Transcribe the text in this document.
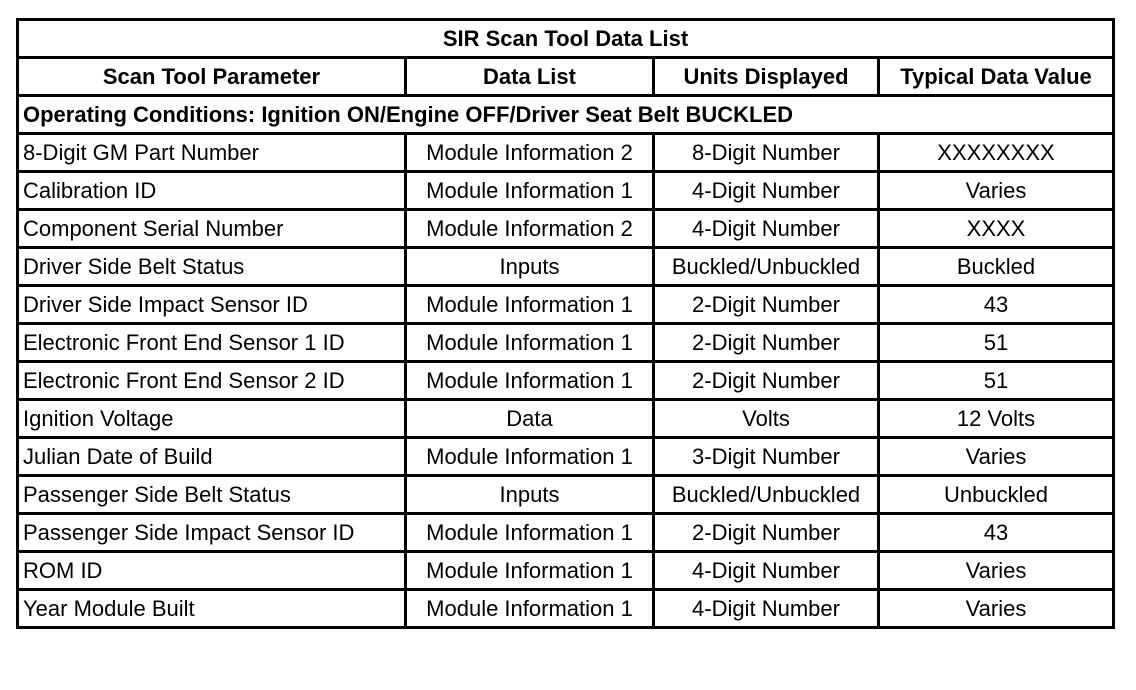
SIR Scan Tool Data List			
Scan Tool Parameter	Data List	Units Displayed	Typical Data Value
Operating Conditions: Ignition ON/Engine OFF/Driver Seat Belt BUCKLED			
8-Digit GM Part Number	Module Information 2	8-Digit Number	XXXXXXXX
Calibration ID	Module Information 1	4-Digit Number	Varies
Component Serial Number	Module Information 2	4-Digit Number	XXXX
Driver Side Belt Status	Inputs	Buckled/Unbuckled	Buckled
Driver Side Impact Sensor ID	Module Information 1	2-Digit Number	43
Electronic Front End Sensor 1 ID	Module Information 1	2-Digit Number	51
Electronic Front End Sensor 2 ID	Module Information 1	2-Digit Number	51
Ignition Voltage	Data	Volts	12 Volts
Julian Date of Build	Module Information 1	3-Digit Number	Varies
Passenger Side Belt Status	Inputs	Buckled/Unbuckled	Unbuckled
Passenger Side Impact Sensor ID	Module Information 1	2-Digit Number	43
ROM ID	Module Information 1	4-Digit Number	Varies
Year Module Built	Module Information 1	4-Digit Number	Varies
